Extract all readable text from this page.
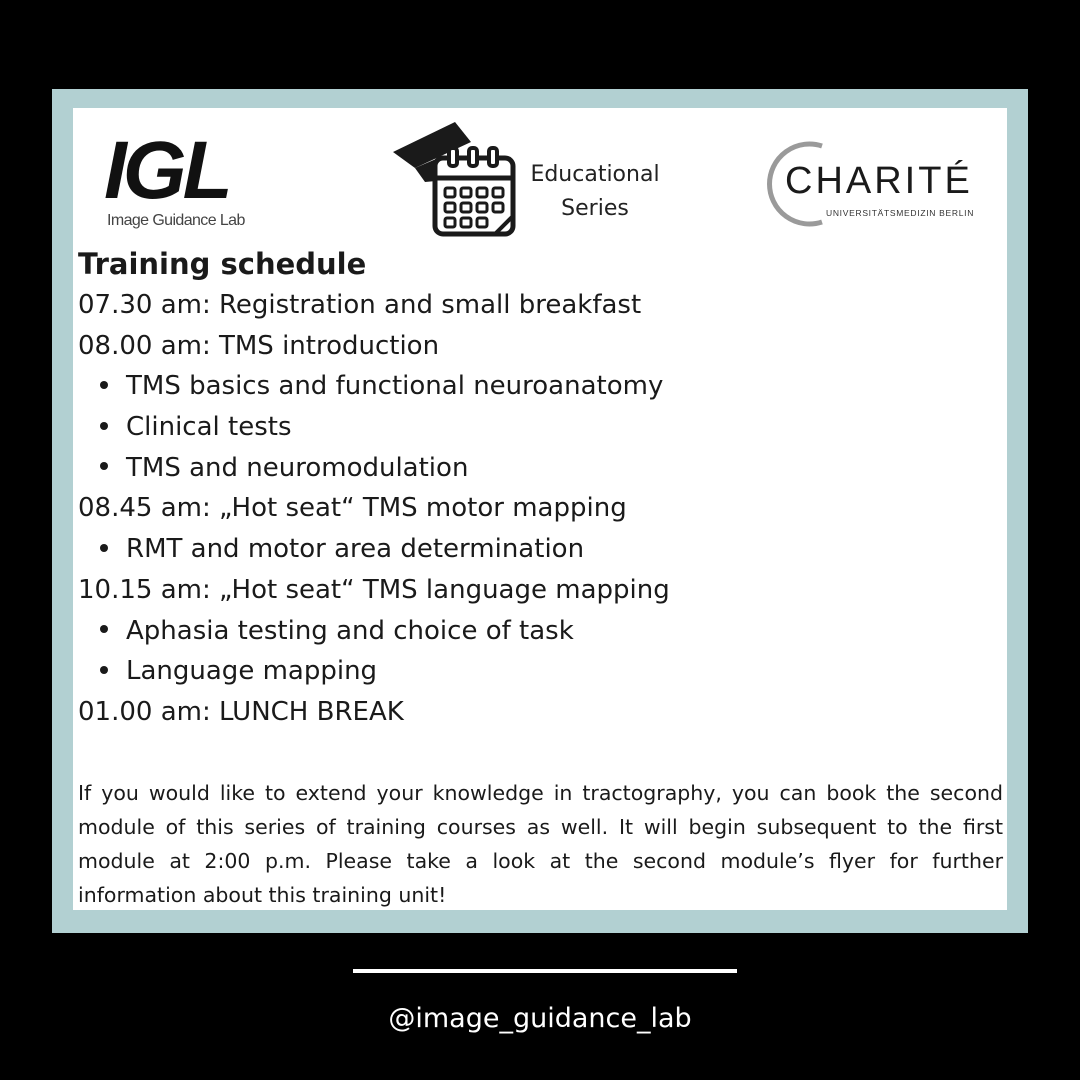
IGL
Image Guidance Lab
Educational
Series
CHARITÉ
UNIVERSITÄTSMEDIZIN BERLIN
Training schedule
07.30 am: Registration and small breakfast
08.00 am: TMS introduction
TMS basics and functional neuroanatomy
Clinical tests
TMS and neuromodulation
08.45 am: „Hot seat“ TMS motor mapping
RMT and motor area determination
10.15 am: „Hot seat“ TMS language mapping
Aphasia testing and choice of task
Language mapping
01.00 am: LUNCH BREAK

If you would like to extend your knowledge in tractography, you can book the second module of this series of training courses as well. It will begin subsequent to the first module at 2:00 p.m. Please take a look at the second module’s flyer for further information about this training unit!

@image_guidance_lab
